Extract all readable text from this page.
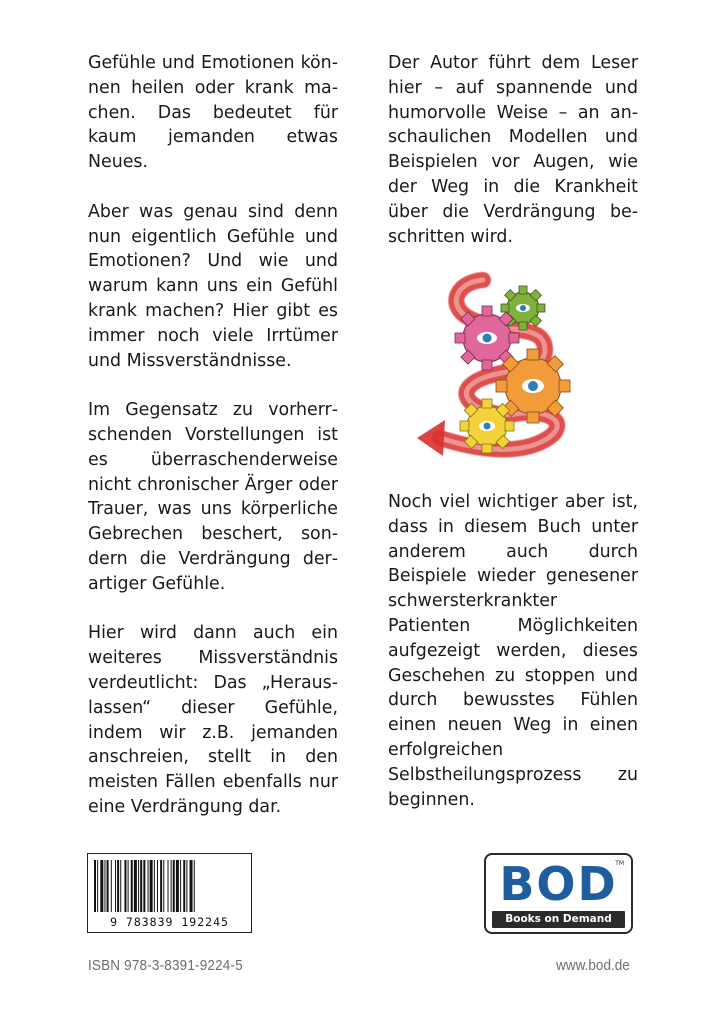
Gefühle und Emotionen können heilen oder krank machen. Das bedeutet für kaum jemanden etwas Neues.

Aber was genau sind denn nun eigentlich Gefühle und Emotionen? Und wie und warum kann uns ein Gefühl krank machen? Hier gibt es immer noch viele Irrtümer und Missverständnisse.

Im Gegensatz zu vorherrschenden Vorstellungen ist es überraschenderweise nicht chronischer Ärger oder Trauer, was uns körperliche Gebrechen beschert, sondern die Verdrängung derartiger Gefühle.

Hier wird dann auch ein weiteres Missverständnis verdeutlicht: Das „Herauslassen“ dieser Gefühle, indem wir z.B. jemanden anschreien, stellt in den meisten Fällen ebenfalls nur eine Verdrängung dar.

Der Autor führt dem Leser hier – auf spannende und humorvolle Weise – an anschaulichen Modellen und Beispielen vor Augen, wie der Weg in die Krankheit über die Verdrängung beschritten wird.

Noch viel wichtiger aber ist, dass in diesem Buch unter anderem auch durch Beispiele wieder genesener schwersterkrankter Patienten Möglichkeiten aufgezeigt werden, dieses Geschehen zu stoppen und durch bewusstes Fühlen einen neuen Weg in einen erfolgreichen Selbstheilungsprozess zu beginnen.

9 783839 192245
BOD
TM
Books on Demand
ISBN 978-3-8391-9224-5	www.bod.de
